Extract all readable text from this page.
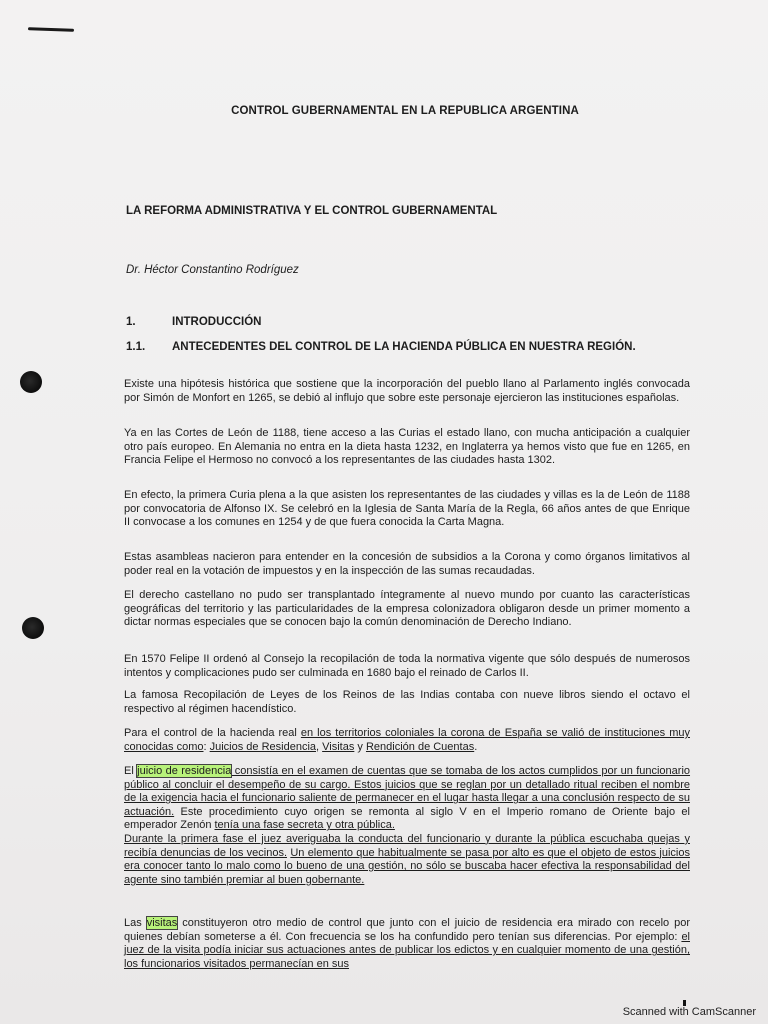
CONTROL GUBERNAMENTAL EN LA REPUBLICA ARGENTINA
LA REFORMA ADMINISTRATIVA Y EL CONTROL GUBERNAMENTAL
Dr. Héctor Constantino Rodríguez
1.	INTRODUCCIÓN
1.1. ANTECEDENTES DEL CONTROL DE LA HACIENDA PÚBLICA EN NUESTRA REGIÓN.

Existe una hipótesis histórica que sostiene que la incorporación del pueblo llano al Parlamento inglés convocada por Simón de Monfort en 1265, se debió al influjo que sobre este personaje ejercieron las instituciones españolas.

Ya en las Cortes de León de 1188, tiene acceso a las Curias el estado llano, con mucha anticipación a cualquier otro país europeo. En Alemania no entra en la dieta hasta 1232, en Inglaterra ya hemos visto que fue en 1265, en Francia Felipe el Hermoso no convocó a los representantes de las ciudades hasta 1302.

En efecto, la primera Curia plena a la que asisten los representantes de las ciudades y villas es la de León de 1188 por convocatoria de Alfonso IX. Se celebró en la Iglesia de Santa María de la Regla, 66 años antes de que Enrique II convocase a los comunes en 1254 y de que fuera conocida la Carta Magna.

Estas asambleas nacieron para entender en la concesión de subsidios a la Corona y como órganos limitativos al poder real en la votación de impuestos y en la inspección de las sumas recaudadas.

El derecho castellano no pudo ser transplantado íntegramente al nuevo mundo por cuanto las características geográficas del territorio y las particularidades de la empresa colonizadora obligaron desde un primer momento a dictar normas especiales que se conocen bajo la común denominación de Derecho Indiano.

En 1570 Felipe II ordenó al Consejo la recopilación de toda la normativa vigente que sólo después de numerosos intentos y complicaciones pudo ser culminada en 1680 bajo el reinado de Carlos II.

La famosa Recopilación de Leyes de los Reinos de las Indias contaba con nueve libros siendo el octavo el respectivo al régimen hacendístico.

Para el control de la hacienda real en los territorios coloniales la corona de España se valió de instituciones muy conocidas como: Juicios de Residencia, Visitas y Rendición de Cuentas.

El juicio de residencia consistía en el examen de cuentas que se tomaba de los actos cumplidos por un funcionario público al concluir el desempeño de su cargo. Estos juicios que se reglan por un detallado ritual reciben el nombre de la exigencia hacia el funcionario saliente de permanecer en el lugar hasta llegar a una conclusión respecto de su actuación. Este procedimiento cuyo origen se remonta al siglo V en el Imperio romano de Oriente bajo el emperador Zenón tenía una fase secreta y otra pública.
Durante la primera fase el juez averiguaba la conducta del funcionario y durante la pública escuchaba quejas y recibía denuncias de los vecinos. Un elemento que habitualmente se pasa por alto es que el objeto de estos juicios era conocer tanto lo malo como lo bueno de una gestión, no sólo se buscaba hacer efectiva la responsabilidad del agente sino también premiar al buen gobernante.

Las visitas constituyeron otro medio de control que junto con el juicio de residencia era mirado con recelo por quienes debían someterse a él. Con frecuencia se los ha confundido pero tenían sus diferencias. Por ejemplo: el juez de la visita podía iniciar sus actuaciones antes de publicar los edictos y en cualquier momento de una gestión, los funcionarios visitados permanecían en sus

Scanned with CamScanner
